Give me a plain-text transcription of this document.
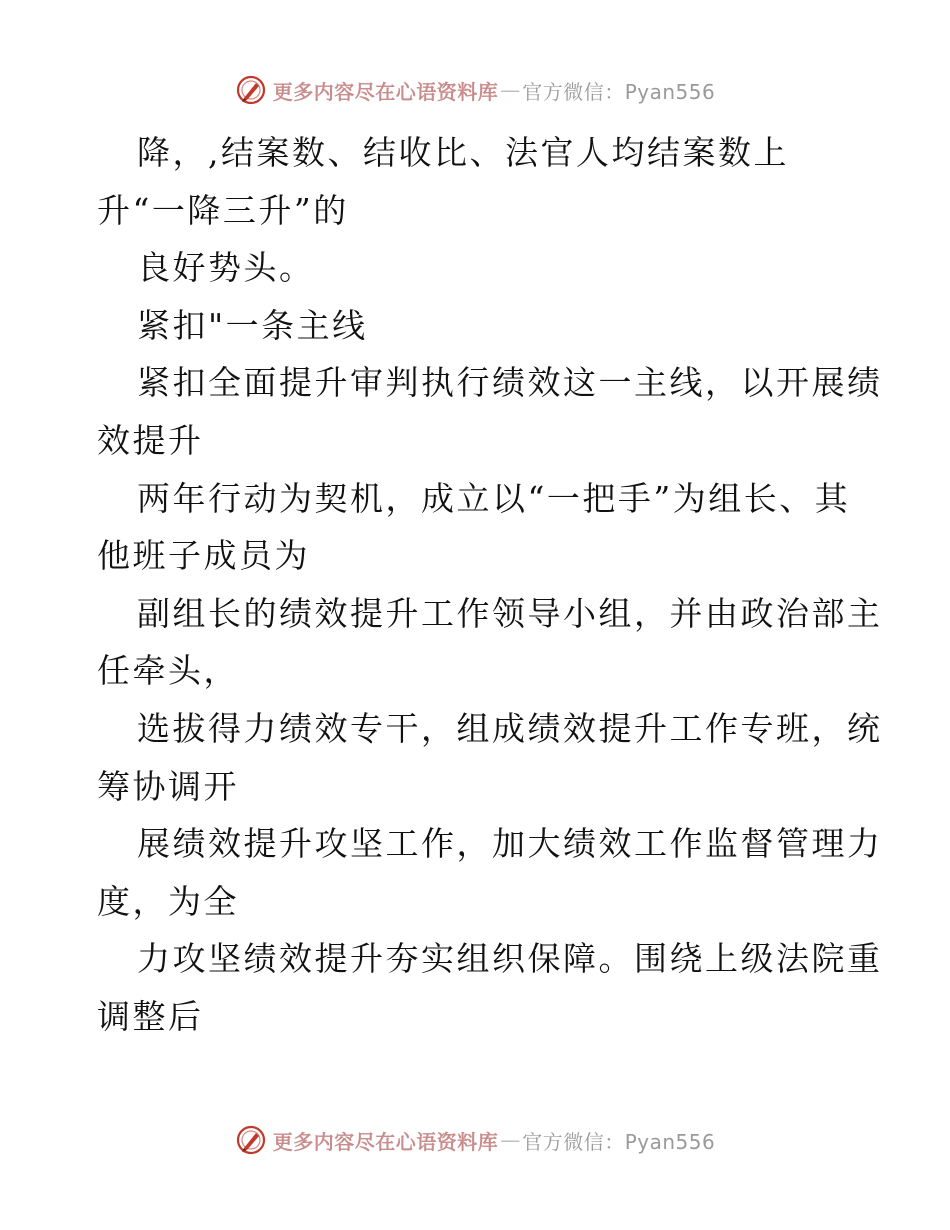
更多内容尽在心语资料库 — 官方微信：Pyan556
降，,结案数、结收比、法官人均结案数上
升“一降三升”的
良好势头。
紧扣"一条主线
紧扣全面提升审判执行绩效这一主线，以开展绩
效提升
两年行动为契机，成立以“一把手”为组长、其
他班子成员为
副组长的绩效提升工作领导小组，并由政治部主
任牵头，
选拔得力绩效专干，组成绩效提升工作专班，统
筹协调开
展绩效提升攻坚工作，加大绩效工作监督管理力
度，为全
力攻坚绩效提升夯实组织保障。围绕上级法院重
调整后
更多内容尽在心语资料库 — 官方微信：Pyan556
